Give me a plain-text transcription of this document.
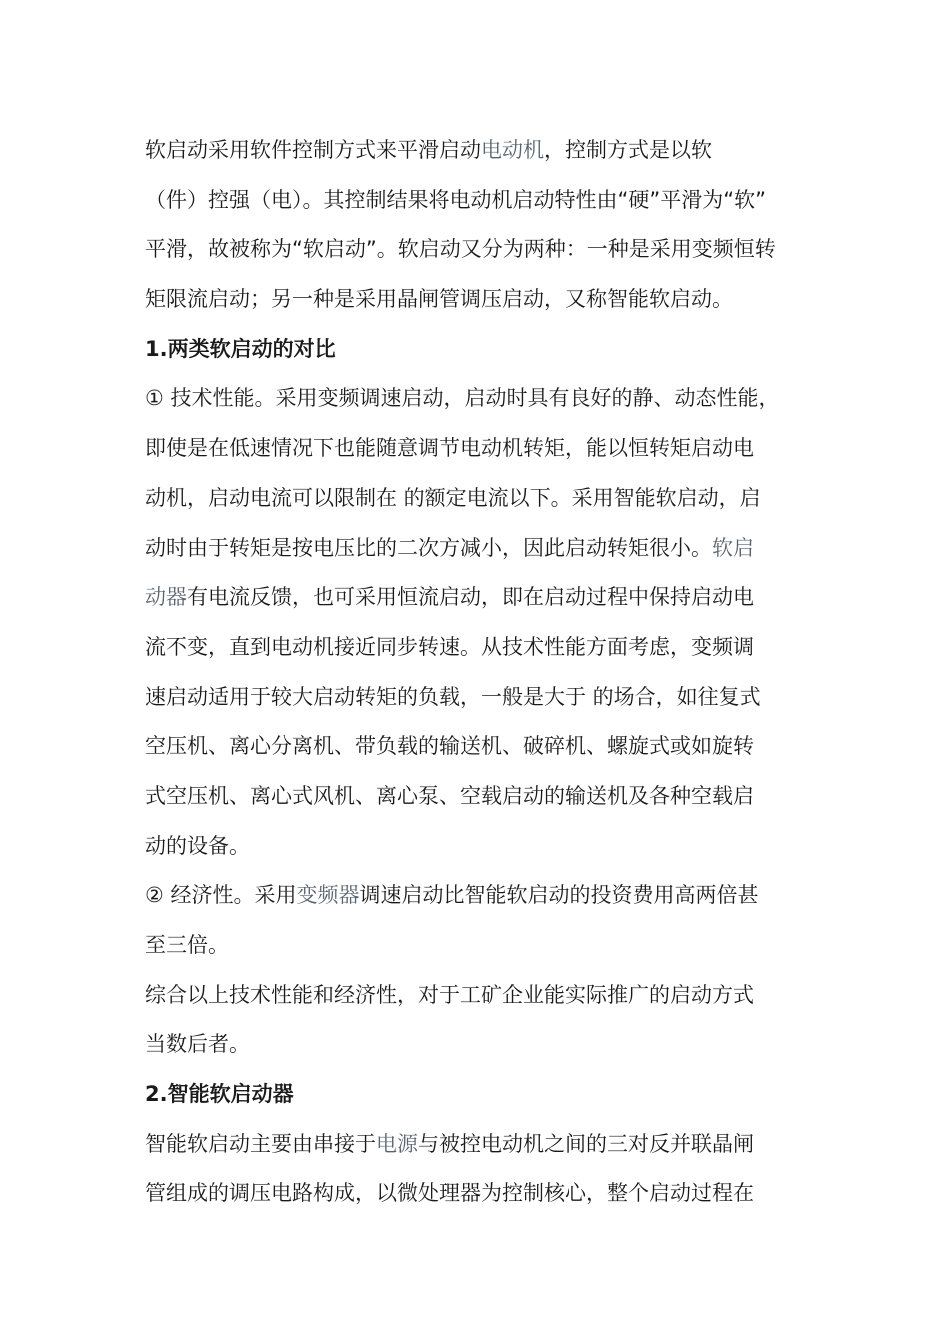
软启动采用软件控制方式来平滑启动电动机，控制方式是以软
（件）控强（电）。其控制结果将电动机启动特性由“硬”平滑为“软”
平滑，故被称为“软启动”。软启动又分为两种：一种是采用变频恒转
矩限流启动；另一种是采用晶闸管调压启动，又称智能软启动。
1.两类软启动的对比
① 技术性能。采用变频调速启动，启动时具有良好的静、动态性能，
即使是在低速情况下也能随意调节电动机转矩，能以恒转矩启动电
动机，启动电流可以限制在 的额定电流以下。采用智能软启动，启
动时由于转矩是按电压比的二次方减小，因此启动转矩很小。软启
动器有电流反馈，也可采用恒流启动，即在启动过程中保持启动电
流不变，直到电动机接近同步转速。从技术性能方面考虑，变频调
速启动适用于较大启动转矩的负载，一般是大于 的场合，如往复式
空压机、离心分离机、带负载的输送机、破碎机、螺旋式或如旋转
式空压机、离心式风机、离心泵、空载启动的输送机及各种空载启
动的设备。
② 经济性。采用变频器调速启动比智能软启动的投资费用高两倍甚
至三倍。
综合以上技术性能和经济性，对于工矿企业能实际推广的启动方式
当数后者。
2.智能软启动器
智能软启动主要由串接于电源与被控电动机之间的三对反并联晶闸
管组成的调压电路构成，以微处理器为控制核心，整个启动过程在
